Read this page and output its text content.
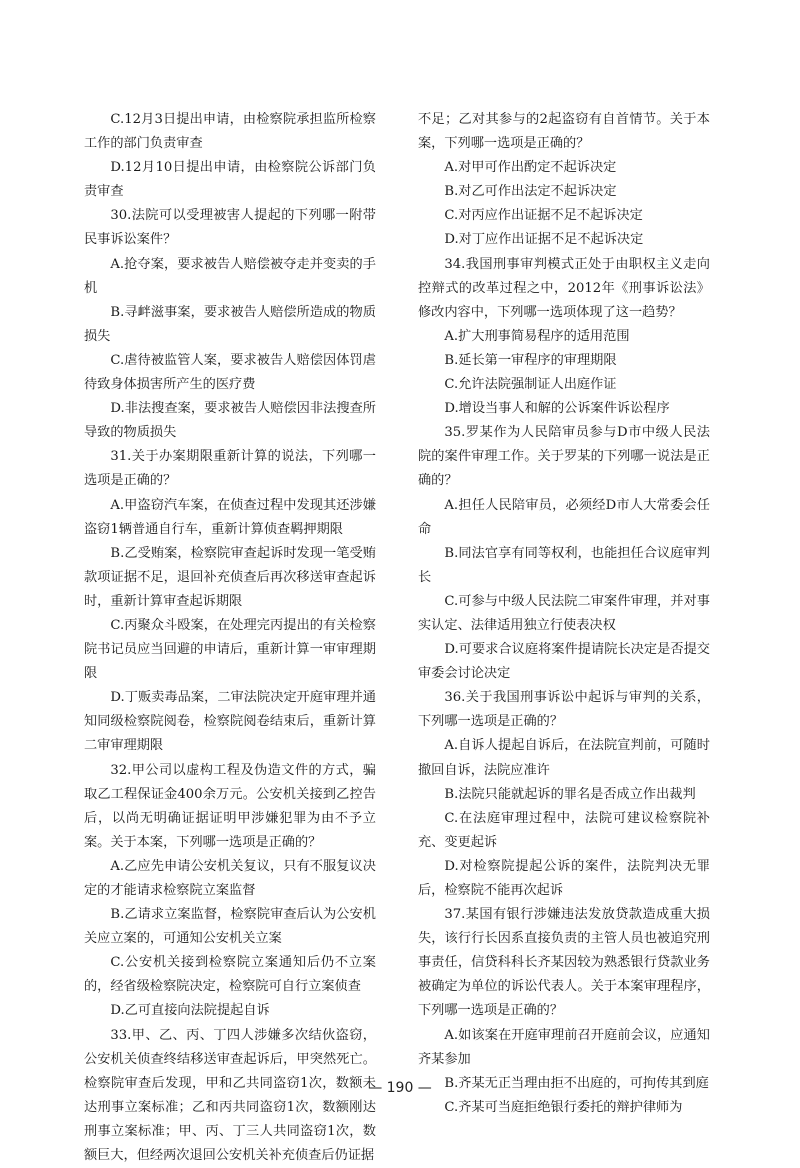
C.12月3日提出申请，由检察院承担监所检察工作的部门负责审查

D.12月10日提出申请，由检察院公诉部门负责审查

30.法院可以受理被害人提起的下列哪一附带民事诉讼案件？

A.抢夺案，要求被告人赔偿被夺走并变卖的手机

B.寻衅滋事案，要求被告人赔偿所造成的物质损失

C.虐待被监管人案，要求被告人赔偿因体罚虐待致身体损害所产生的医疗费

D.非法搜查案，要求被告人赔偿因非法搜查所导致的物质损失

31.关于办案期限重新计算的说法，下列哪一选项是正确的？

A.甲盗窃汽车案，在侦查过程中发现其还涉嫌盗窃1辆普通自行车，重新计算侦查羁押期限

B.乙受贿案，检察院审查起诉时发现一笔受贿款项证据不足，退回补充侦查后再次移送审查起诉时，重新计算审查起诉期限

C.丙聚众斗殴案，在处理完丙提出的有关检察院书记员应当回避的申请后，重新计算一审审理期限

D.丁贩卖毒品案，二审法院决定开庭审理并通知同级检察院阅卷，检察院阅卷结束后，重新计算二审审理期限

32.甲公司以虚构工程及伪造文件的方式，骗取乙工程保证金400余万元。公安机关接到乙控告后，以尚无明确证据证明甲涉嫌犯罪为由不予立案。关于本案，下列哪一选项是正确的？

A.乙应先申请公安机关复议，只有不服复议决定的才能请求检察院立案监督

B.乙请求立案监督，检察院审查后认为公安机关应立案的，可通知公安机关立案

C.公安机关接到检察院立案通知后仍不立案的，经省级检察院决定，检察院可自行立案侦查

D.乙可直接向法院提起自诉

33.甲、乙、丙、丁四人涉嫌多次结伙盗窃，公安机关侦查终结移送审查起诉后，甲突然死亡。检察院审查后发现，甲和乙共同盗窃1次，数额未达刑事立案标准；乙和丙共同盗窃1次，数额刚达刑事立案标准；甲、丙、丁三人共同盗窃1次，数额巨大，但经两次退回公安机关补充侦查后仍证据

不足；乙对其参与的2起盗窃有自首情节。关于本案，下列哪一选项是正确的？

A.对甲可作出酌定不起诉决定

B.对乙可作出法定不起诉决定

C.对丙应作出证据不足不起诉决定

D.对丁应作出证据不足不起诉决定

34.我国刑事审判模式正处于由职权主义走向控辩式的改革过程之中，2012年《刑事诉讼法》修改内容中，下列哪一选项体现了这一趋势？

A.扩大刑事简易程序的适用范围

B.延长第一审程序的审理期限

C.允许法院强制证人出庭作证

D.增设当事人和解的公诉案件诉讼程序

35.罗某作为人民陪审员参与D市中级人民法院的案件审理工作。关于罗某的下列哪一说法是正确的？

A.担任人民陪审员，必须经D市人大常委会任命

B.同法官享有同等权利，也能担任合议庭审判长

C.可参与中级人民法院二审案件审理，并对事实认定、法律适用独立行使表决权

D.可要求合议庭将案件提请院长决定是否提交审委会讨论决定

36.关于我国刑事诉讼中起诉与审判的关系，下列哪一选项是正确的？

A.自诉人提起自诉后，在法院宣判前，可随时撤回自诉，法院应准许

B.法院只能就起诉的罪名是否成立作出裁判

C.在法庭审理过程中，法院可建议检察院补充、变更起诉

D.对检察院提起公诉的案件，法院判决无罪后，检察院不能再次起诉

37.某国有银行涉嫌违法发放贷款造成重大损失，该行行长因系直接负责的主管人员也被追究刑事责任，信贷科科长齐某因较为熟悉银行贷款业务被确定为单位的诉讼代表人。关于本案审理程序，下列哪一选项是正确的？

A.如该案在开庭审理前召开庭前会议，应通知齐某参加

B.齐某无正当理由拒不出庭的，可拘传其到庭

C.齐某可当庭拒绝银行委托的辩护律师为

— 190 —
